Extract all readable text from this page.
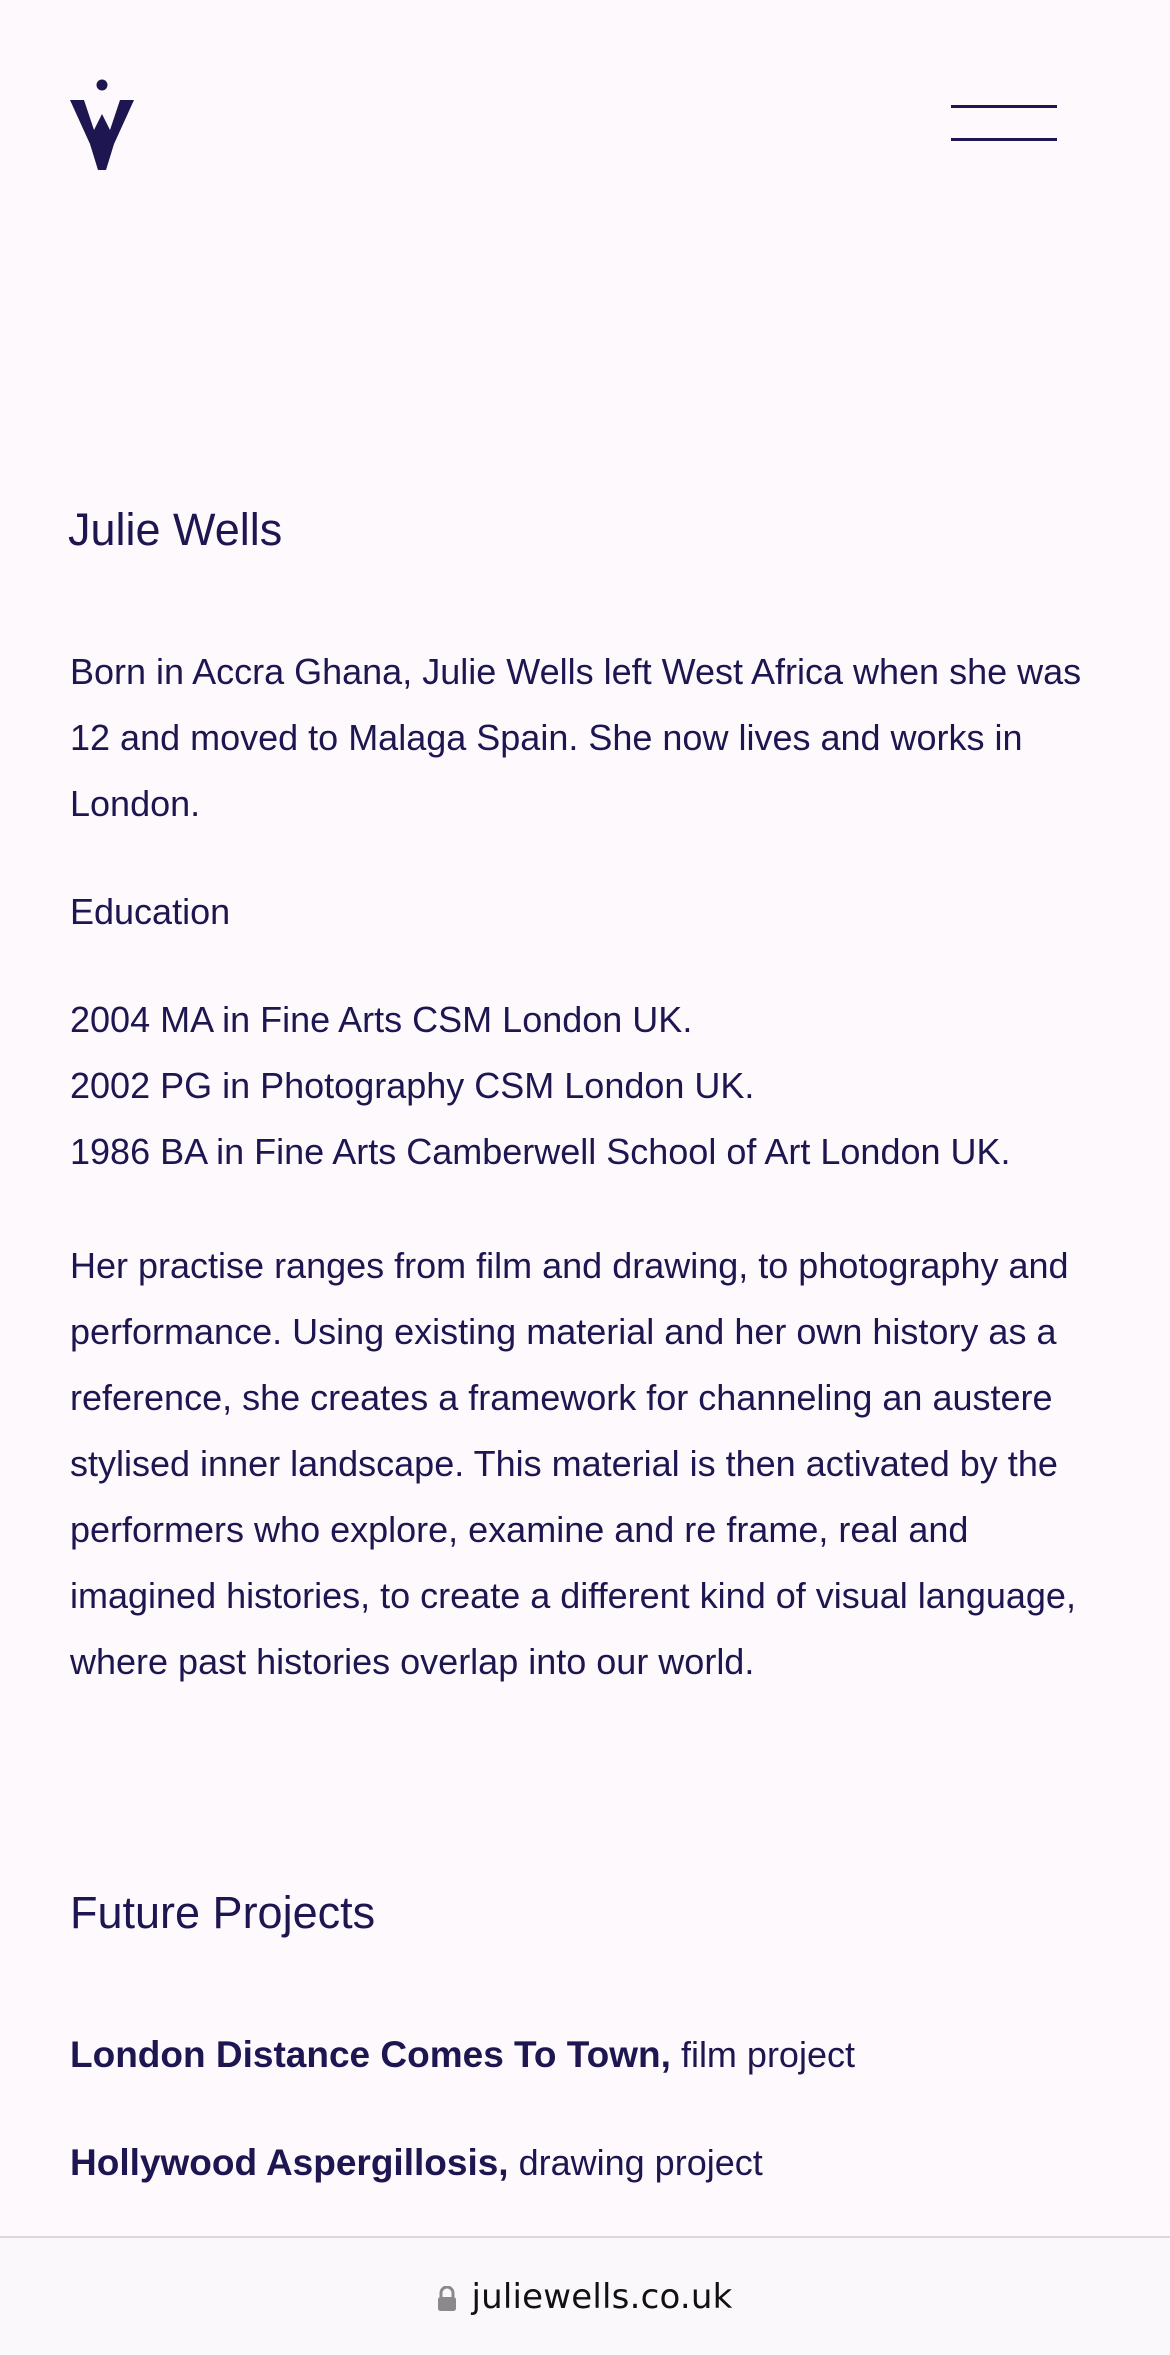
Julie Wells

Born in Accra Ghana, Julie Wells left West Africa when she was
12 and moved to Malaga Spain. She now lives and works in
London.

Education

2004 MA in Fine Arts CSM London UK.
2002 PG in Photography CSM London UK.
1986 BA in Fine Arts Camberwell School of Art London UK.

Her practise ranges from film and drawing, to photography and
performance. Using existing material and her own history as a
reference, she creates a framework for channeling an austere
stylised inner landscape. This material is then activated by the
performers who explore, examine and re frame, real and
imagined histories, to create a different kind of visual language,
where past histories overlap into our world.

Future Projects
London Distance Comes To Town, film project
Hollywood Aspergillosis, drawing project
juliewells.co.uk
